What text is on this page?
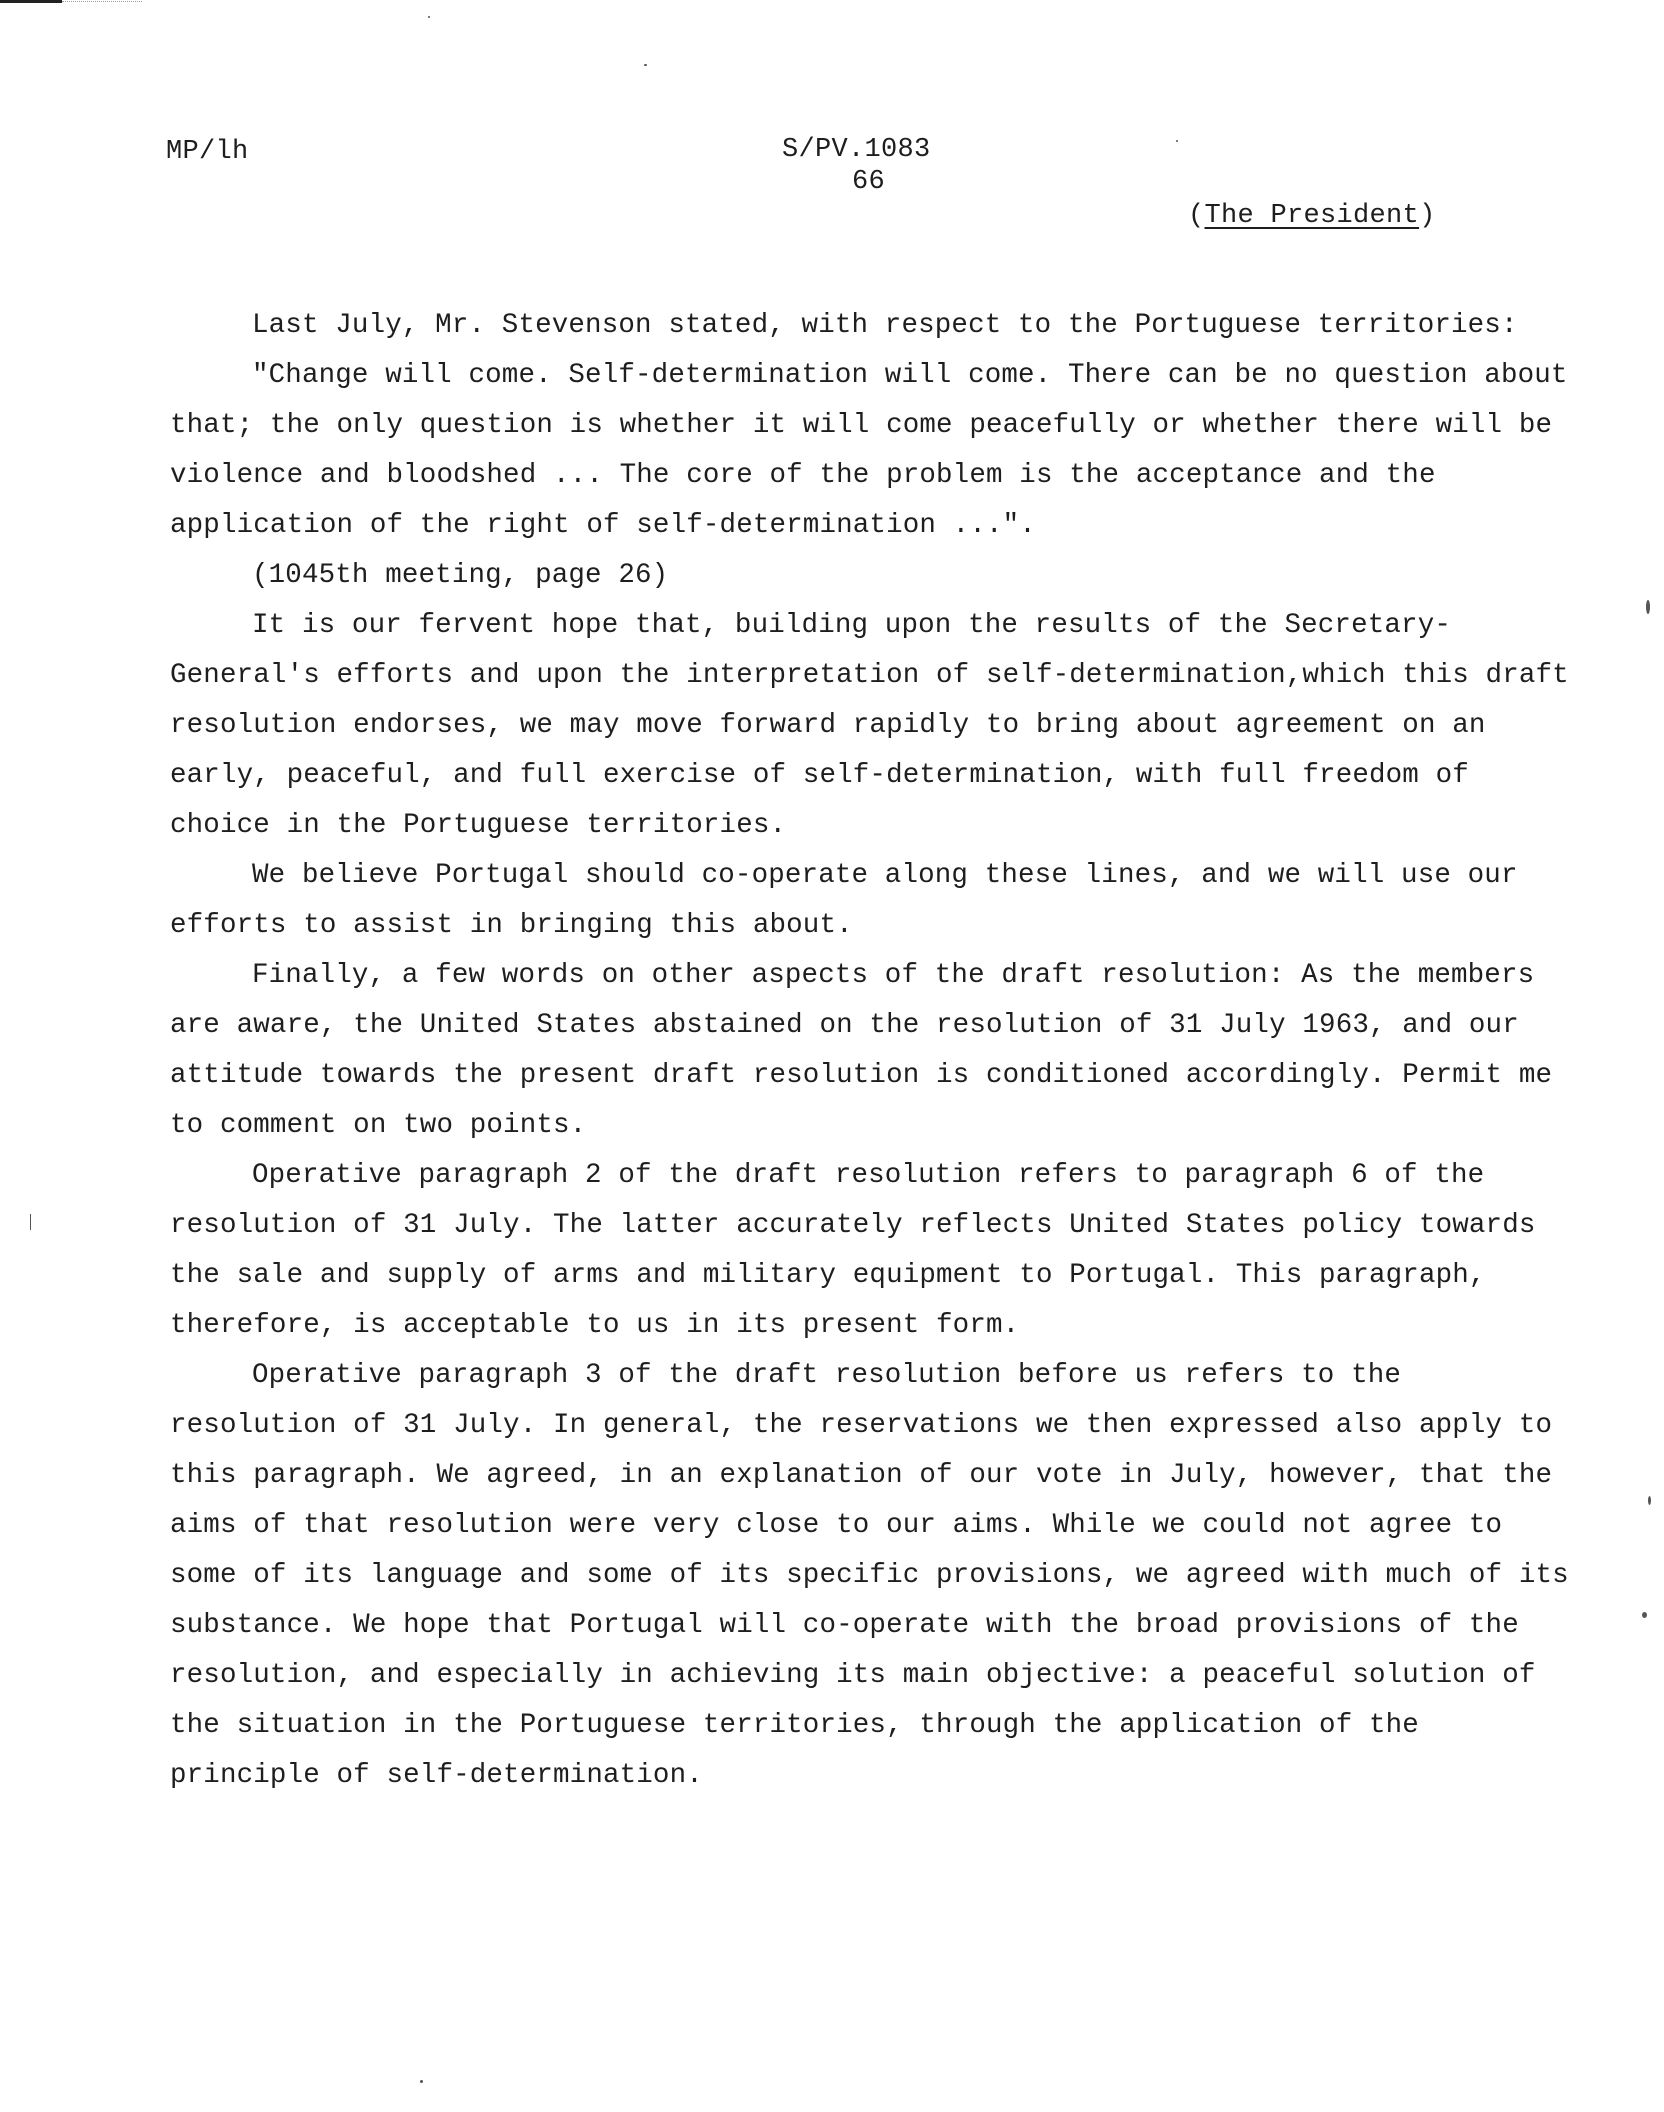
MP/lh	S/PV.1083
66
(The President)

Last July, Mr. Stevenson stated, with respect to the Portuguese territories:

"Change will come. Self-determination will come. There can be no question about that; the only question is whether it will come peacefully or whether there will be violence and bloodshed ... The core of the problem is the acceptance and the application of the right of self-determination ...".

(1045th meeting, page 26)

It is our fervent hope that, building upon the results of the Secretary-General's efforts and upon the interpretation of self-determination,which this draft resolution endorses, we may move forward rapidly to bring about agreement on an early, peaceful, and full exercise of self-determination, with full freedom of choice in the Portuguese territories.

We believe Portugal should co-operate along these lines, and we will use our efforts to assist in bringing this about.

Finally, a few words on other aspects of the draft resolution: As the members are aware, the United States abstained on the resolution of 31 July 1963, and our attitude towards the present draft resolution is conditioned accordingly. Permit me to comment on two points.

Operative paragraph 2 of the draft resolution refers to paragraph 6 of the resolution of 31 July. The latter accurately reflects United States policy towards the sale and supply of arms and military equipment to Portugal. This paragraph, therefore, is acceptable to us in its present form.

Operative paragraph 3 of the draft resolution before us refers to the resolution of 31 July. In general, the reservations we then expressed also apply to this paragraph. We agreed, in an explanation of our vote in July, however, that the aims of that resolution were very close to our aims. While we could not agree to some of its language and some of its specific provisions, we agreed with much of its substance. We hope that Portugal will co-operate with the broad provisions of the resolution, and especially in achieving its main objective: a peaceful solution of the situation in the Portuguese territories, through the application of the principle of self-determination.
